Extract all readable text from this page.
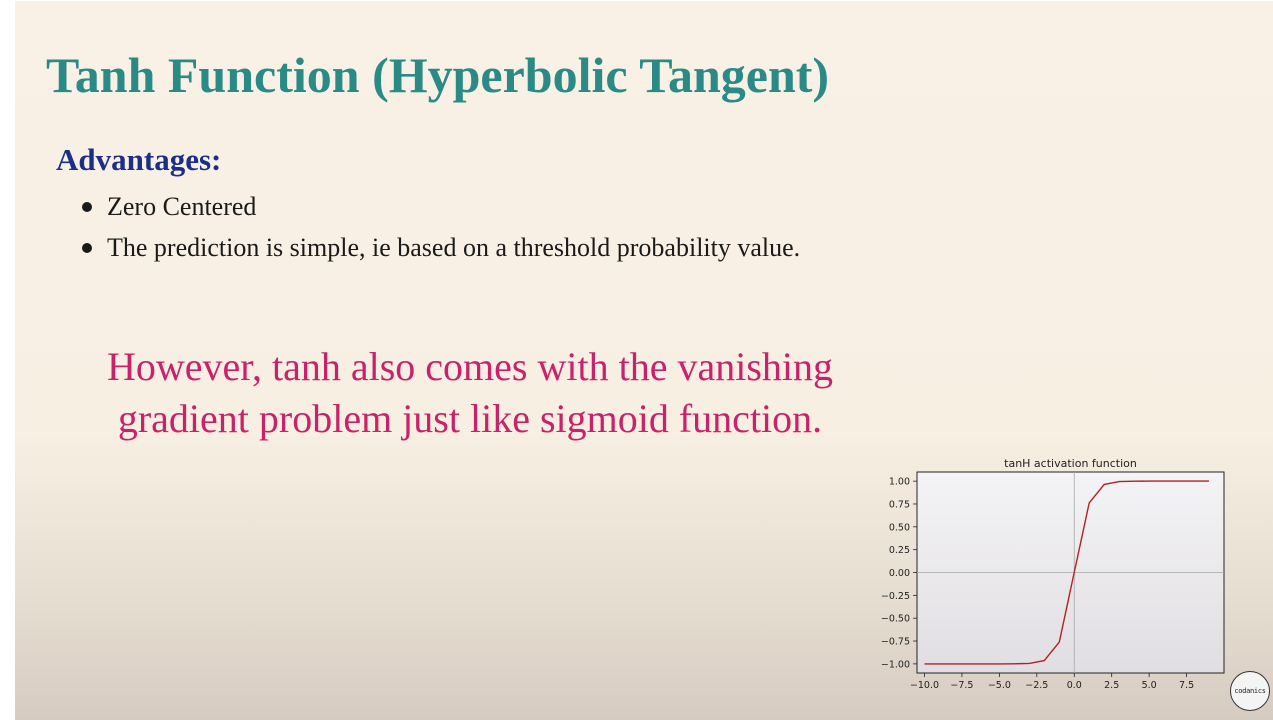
Tanh Function (Hyperbolic Tangent)
Advantages:
Zero Centered
The prediction is simple, ie based on a threshold probability value.

However, tanh also comes with the vanishing
gradient problem just like sigmoid function.

tanH activation function
1.00
0.75
0.50
0.25
0.00
−0.25
−0.50
−0.75
−1.00
−10.0 −7.5 −5.0 −2.5 0.0 2.5 5.0 7.5	codanics
